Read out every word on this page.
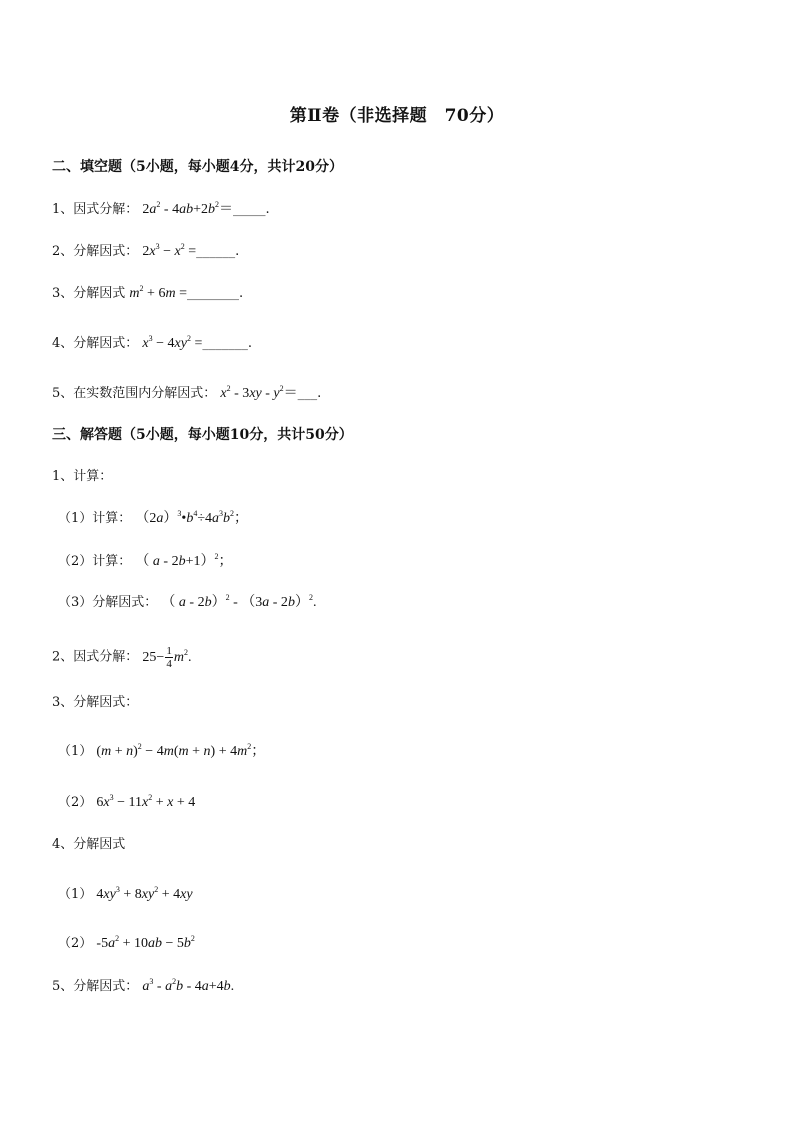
第Ⅱ卷（非选择题　70分）
二、填空题（5小题，每小题4分，共计20分）
1、因式分解： $2a^2$ - $4ab+2b^2=\_\_\_\_\_$.
2、分解因式： $2x^3 - x^2$ =______.
3、分解因式 $m^2 + 6m$ =________.
4、分解因式： $x^3 - 4xy^2$ =_______.
5、在实数范围内分解因式： $x^2 - 3xy$ - $y^2=\_\_\_$.
三、解答题（5小题，每小题10分，共计50分）
1、计算：
（1）计算： $(2a)^3•b^4\div 4a^3b^2$；
（2）计算： （ a - 2b+1）$^2$；
（3）分解因式： （ a - 2b）$^2$ - （3a - 2b）$^2$.
2、因式分解： $25- \frac{1}{4} m^2$.
3、分解因式：
（1） $(m + n)^2 - 4m(m + n) + 4m^2$；
（2） $6x^3 - 11x^2 + x + 4$
4、分解因式
（1） $4xy^3 + 8xy^2 + 4xy$
（2） $-5a^2 + 10ab - 5b^2$
5、分解因式： $a^3 - a^2b - 4a+4b$.
